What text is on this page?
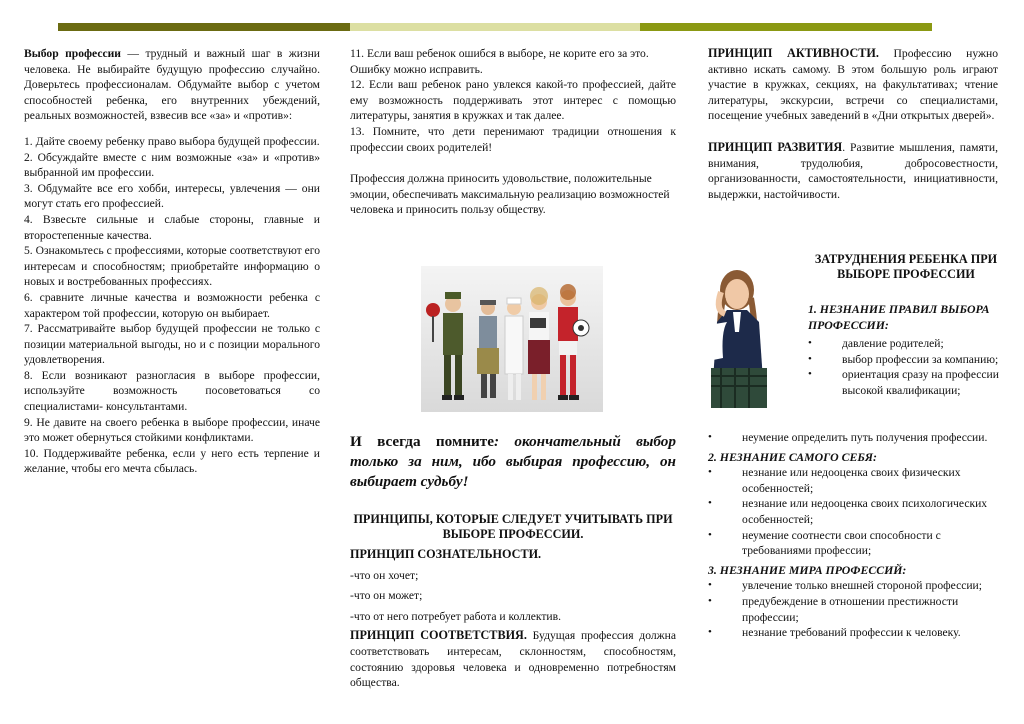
Выбор профессии — трудный и важный шаг в жизни человека. Не выбирайте будущую профессию случайно. Доверьтесь профессионалам. Обдумайте выбор с учетом способностей ребенка, его внутренних убеждений, реальных возможностей, взвесив все «за» и «против»:

1. Дайте своему ребенку право выбора будущей профессии.

2. Обсуждайте вместе с ним возможные «за» и «против» выбранной им профессии.

3. Обдумайте все его хобби, интересы, увлечения — они могут стать его профессией.

4. Взвесьте сильные и слабые стороны, главные и второстепенные качества.

5. Ознакомьтесь с профессиями, которые соответствуют его интересам и способностям; приобретайте информацию о новых и востребованных профессиях.

6. сравните личные качества и возможности ребенка с характером той профессии, которую он выбирает.

7. Рассматривайте выбор будущей профессии не только с позиции материальной выгоды, но и с позиции морального удовлетворения.

8. Если возникают разногласия в выборе профессии, используйте возможность посоветоваться со специалистами- консультантами.

9. Не давите на своего ребенка в выборе профессии, иначе это может обернуться стойкими конфликтами.

10. Поддерживайте ребенка, если у него есть терпение и желание, чтобы его мечта сбылась.

11. Если ваш ребенок ошибся в выборе, не корите его за это. Ошибку можно исправить.

12. Если ваш ребенок рано увлекся какой-то профессией, дайте ему возможность поддерживать этот интерес с помощью литературы, занятия в кружках и так далее.

13. Помните, что дети перенимают традиции отношения к профессии своих родителей!

Профессия должна приносить удовольствие, положительные эмоции, обеспечивать максимальную реализацию возможностей человека и приносить пользу обществу.

И всегда помните: окончательный выбор только за ним, ибо выбирая профессию, он выбирает судьбу!

ПРИНЦИПЫ, КОТОРЫЕ СЛЕДУЕТ УЧИТЫВАТЬ ПРИ ВЫБОРЕ ПРОФЕССИИ.

ПРИНЦИП СОЗНАТЕЛЬНОСТИ.

-что он хочет;

-что он может;

-что от него потребует работа и коллектив.

ПРИНЦИП СООТВЕТСТВИЯ. Будущая профессия должна соответствовать интересам, склонностям, способностям, состоянию здоровья человека и одновременно потребностям общества.

ПРИНЦИП АКТИВНОСТИ. Профессию нужно активно искать самому. В этом большую роль играют участие в кружках, секциях, на факультативах; чтение литературы, экскурсии, встречи со специалистами, посещение учебных заведений в «Дни открытых дверей».

ПРИНЦИП РАЗВИТИЯ. Развитие мышления, памяти, внимания, трудолюбия, добросовестности, организованности, самостоятельности, инициативности, выдержки, настойчивости.

ЗАТРУДНЕНИЯ РЕБЕНКА ПРИ ВЫБОРЕ ПРОФЕССИИ

1. НЕЗНАНИЕ ПРАВИЛ ВЫБОРА ПРОФЕССИИ:

•	давление родителей;

•	выбор профессии за компанию;

•	ориентация сразу на профессии высокой квалификации;

•	неумение определить путь получения профессии.

2. НЕЗНАНИЕ САМОГО СЕБЯ:

•	незнание или недооценка своих физических особенностей;

•	незнание или недооценка своих психологических особенностей;

•	неумение соотнести свои способности с требованиями профессии;

3. НЕЗНАНИЕ МИРА ПРОФЕССИЙ:

•	увлечение только внешней стороной профессии;

•	предубеждение в отношении престижности профессии;

•	незнание требований профессии к человеку.
